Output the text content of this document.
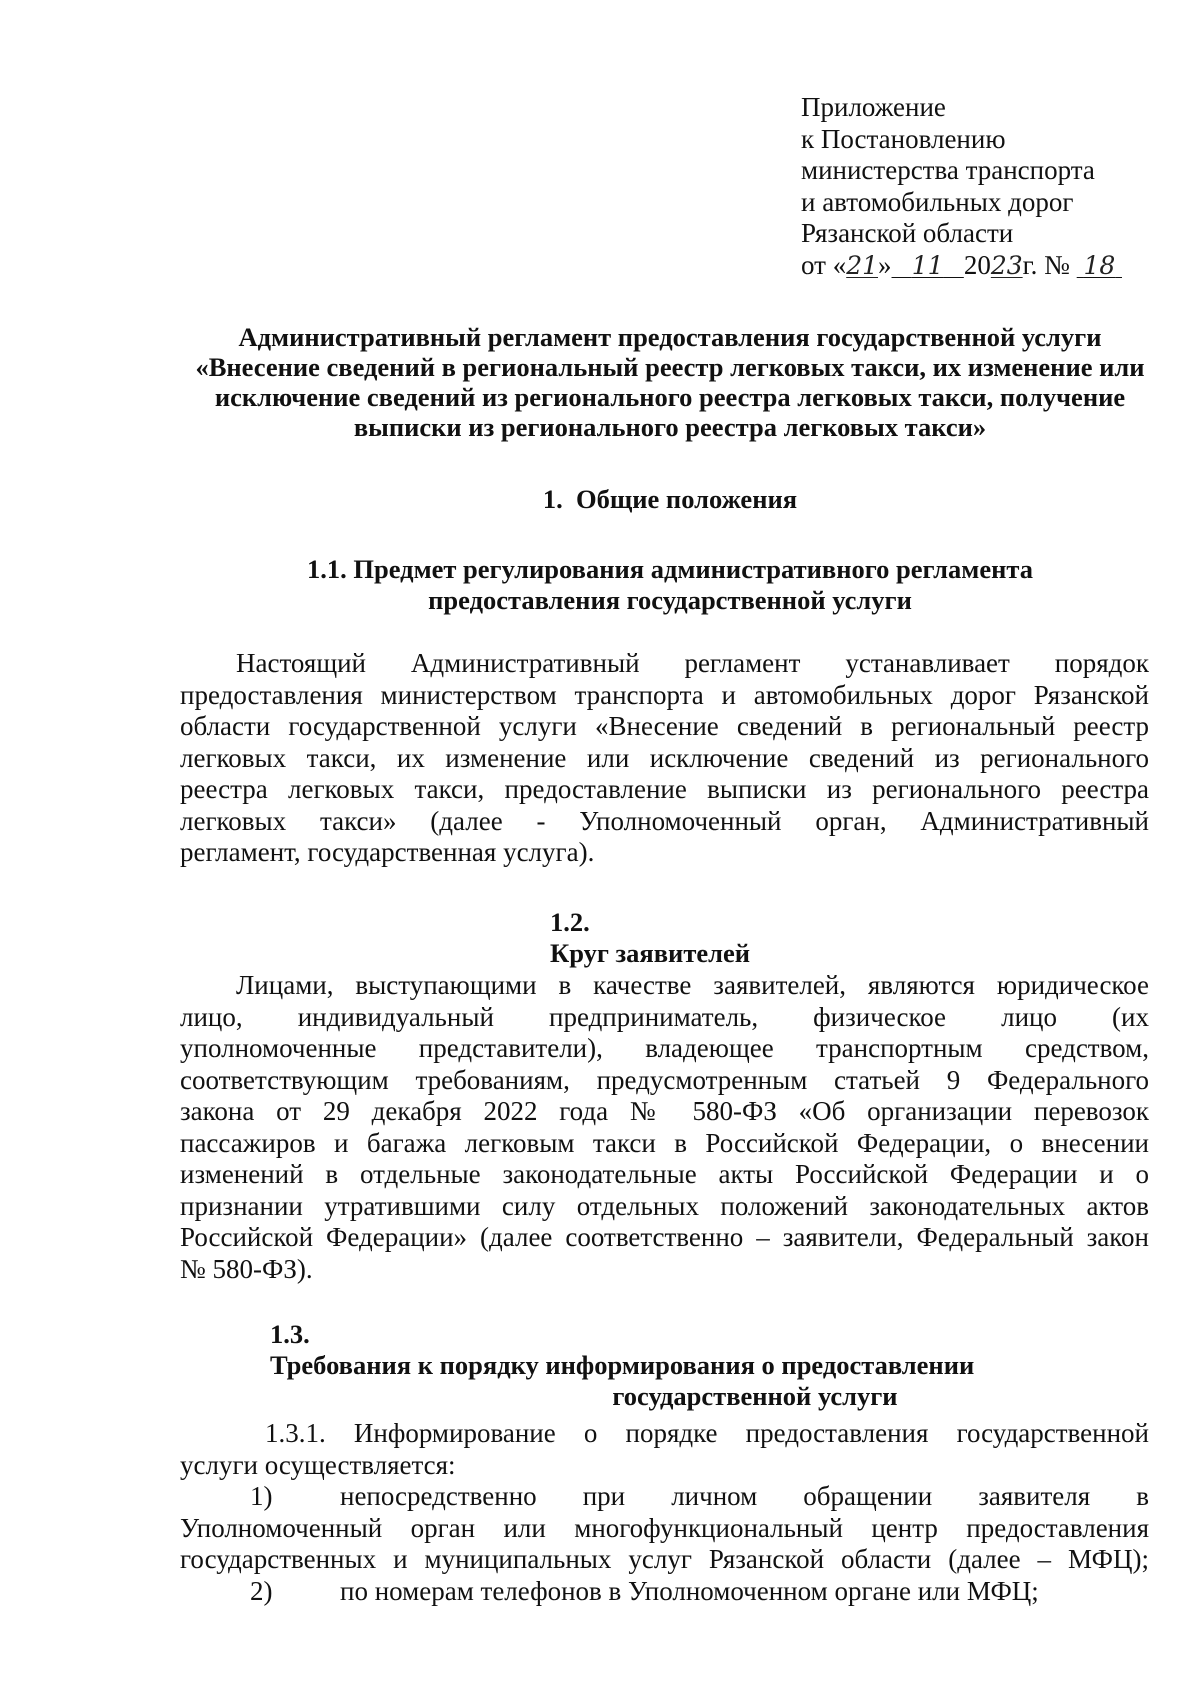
Приложение
к Постановлению
министерства транспорта
и автомобильных дорог
Рязанской области
от «21» 11 2023г. № 18
Административный регламент предоставления государственной услуги
«Внесение сведений в региональный реестр легковых такси, их изменение или
исключение сведений из регионального реестра легковых такси, получение
выписки из регионального реестра легковых такси»
1.  Общие положения
1.1. Предмет регулирования административного регламента
предоставления государственной услуги
Настоящий Административный регламент устанавливает порядок
предоставления министерством транспорта и автомобильных дорог Рязанской
области государственной услуги «Внесение сведений в региональный реестр
легковых такси, их изменение или исключение сведений из регионального
реестра легковых такси, предоставление выписки из регионального реестра
легковых такси» (далее - Уполномоченный орган, Административный
регламент, государственная услуга).
1.2.
Круг заявителей
Лицами, выступающими в качестве заявителей, являются юридическое
лицо, индивидуальный предприниматель, физическое лицо (их
уполномоченные представители), владеющее транспортным средством,
соответствующим требованиям, предусмотренным статьей 9 Федерального
закона от 29 декабря 2022 года № 580-ФЗ «Об организации перевозок
пассажиров и багажа легковым такси в Российской Федерации, о внесении
изменений в отдельные законодательные акты Российской Федерации и о
признании утратившими силу отдельных положений законодательных актов
Российской Федерации» (далее соответственно – заявители, Федеральный закон
№ 580-ФЗ).
1.3.
Требования к порядку информирования о предоставлении
государственной услуги
1.3.1. Информирование о порядке предоставления государственной
услуги осуществляется:
1)	непосредственно при личном обращении заявителя в
Уполномоченный орган или многофункциональный центр предоставления
государственных и муниципальных услуг Рязанской области (далее – МФЦ);
2)	по номерам телефонов в Уполномоченном органе или МФЦ;
